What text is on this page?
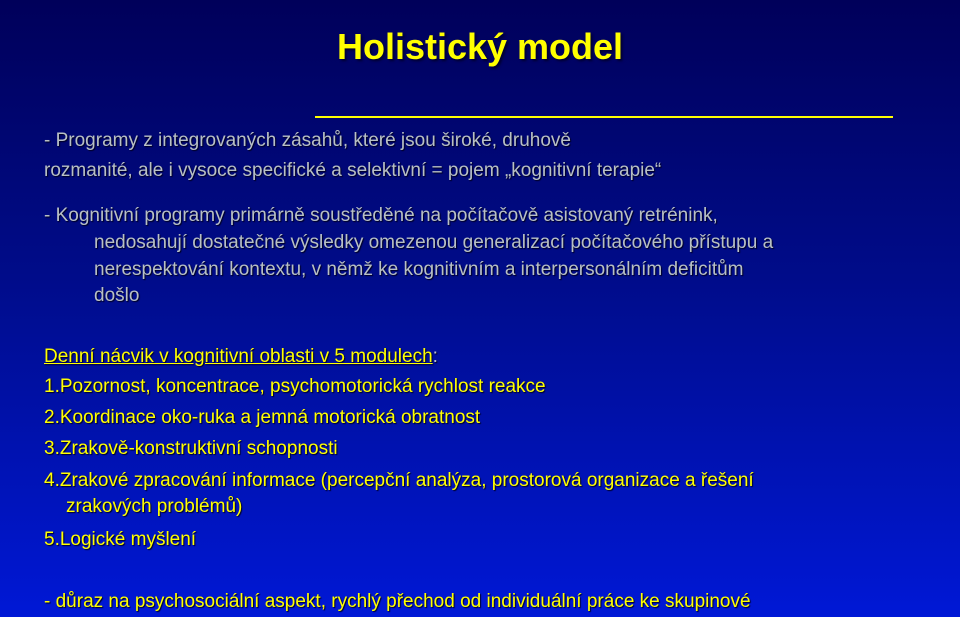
Holistický model
- Programy z integrovaných zásahů, které jsou široké, druhově
rozmanité, ale i vysoce specifické a selektivní = pojem „kognitivní terapie“
- Kognitivní programy primárně soustředěné na počítačově asistovaný retrénink,
nedosahují dostatečné výsledky omezenou generalizací počítačového přístupu a
nerespektování kontextu, v němž ke kognitivním a interpersonálním deficitům
došlo
Denní nácvik v kognitivní oblasti v 5 modulech:
1.Pozornost, koncentrace, psychomotorická rychlost reakce
2.Koordinace oko-ruka a jemná motorická obratnost
3.Zrakově-konstruktivní schopnosti
4.Zrakové zpracování informace (percepční analýza, prostorová organizace a řešení
zrakových problémů)
5.Logické myšlení
- důraz na psychosociální aspekt, rychlý přechod od individuální práce ke skupinové
